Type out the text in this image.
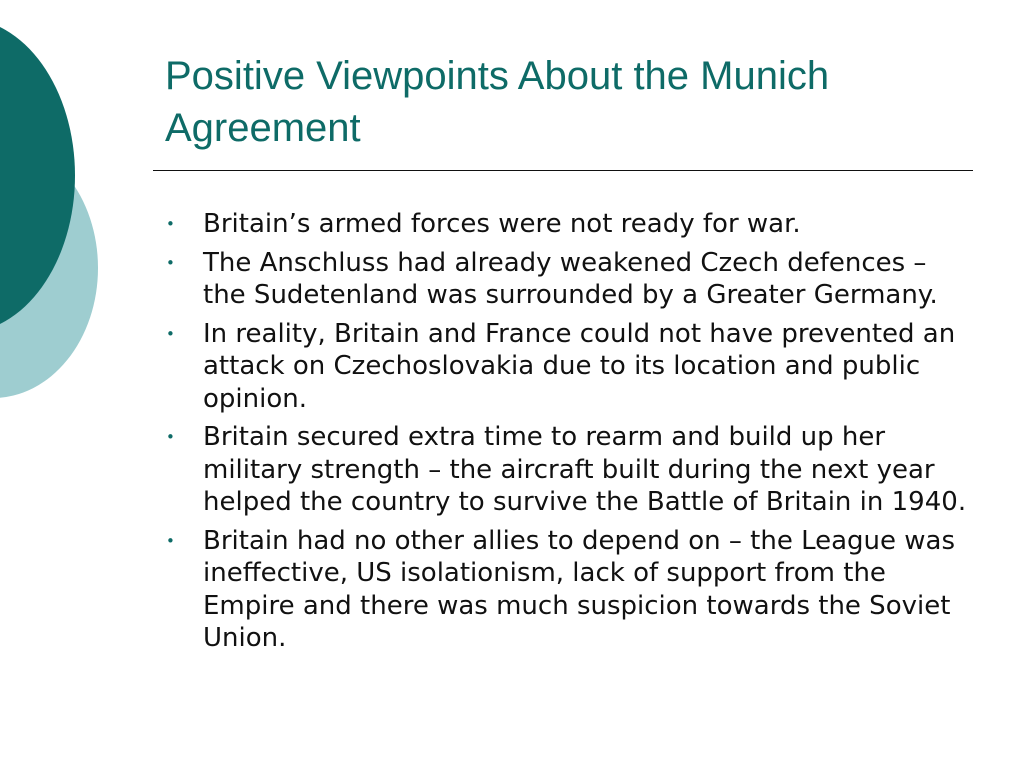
Positive Viewpoints About the Munich Agreement
• Britain’s armed forces were not ready for war.
• The Anschluss had already weakened Czech defences – the Sudetenland was surrounded by a Greater Germany.
• In reality, Britain and France could not have prevented an attack on Czechoslovakia due to its location and public opinion.
• Britain secured extra time to rearm and build up her military strength – the aircraft built during the next year helped the country to survive the Battle of Britain in 1940.
• Britain had no other allies to depend on – the League was ineffective, US isolationism, lack of support from the Empire and there was much suspicion towards the Soviet Union.
